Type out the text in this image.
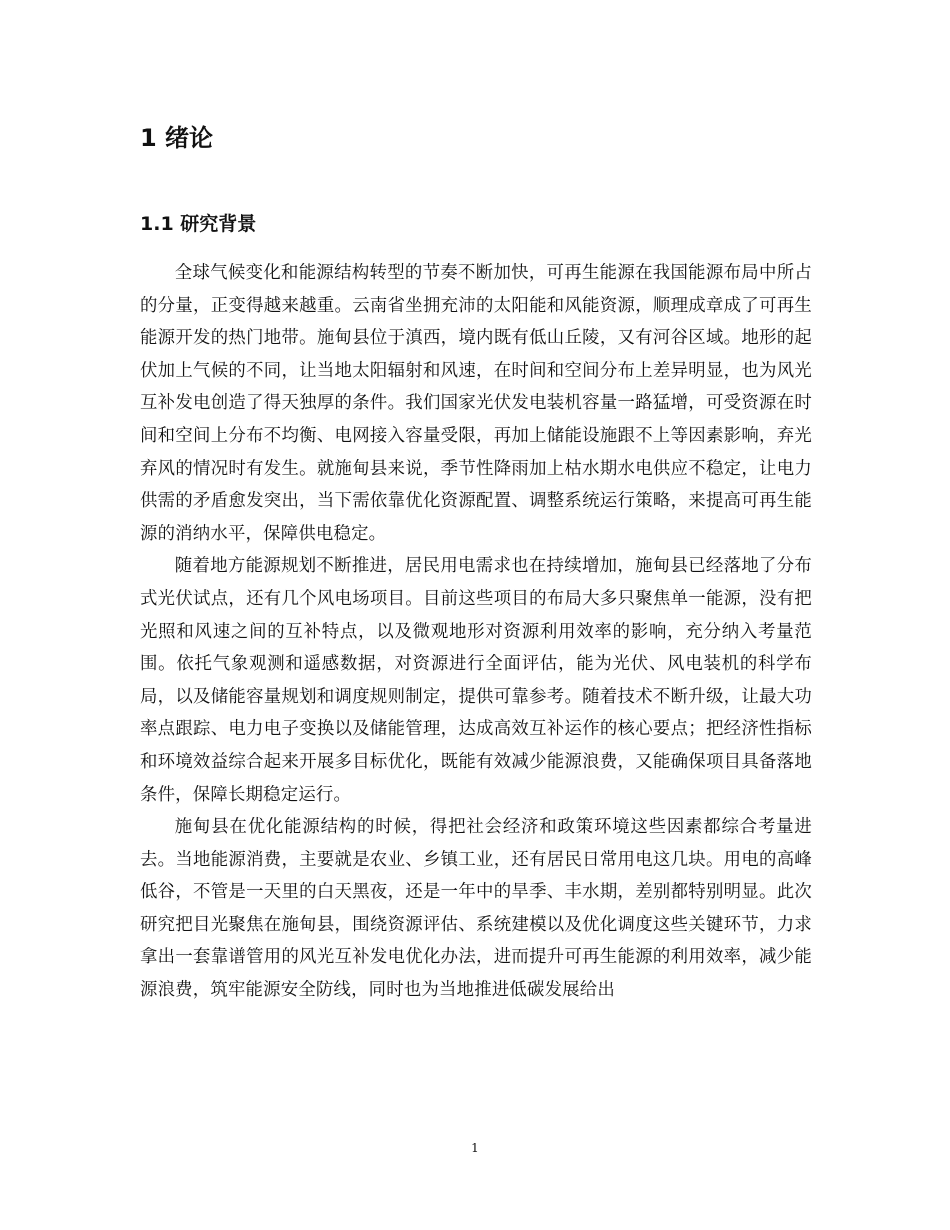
1 绪论
1.1 研究背景

全球气候变化和能源结构转型的节奏不断加快，可再生能源在我国能源布局中所占的分量，正变得越来越重。云南省坐拥充沛的太阳能和风能资源，顺理成章成了可再生能源开发的热门地带。施甸县位于滇西，境内既有低山丘陵，又有河谷区域。地形的起伏加上气候的不同，让当地太阳辐射和风速，在时间和空间分布上差异明显，也为风光互补发电创造了得天独厚的条件。我们国家光伏发电装机容量一路猛增，可受资源在时间和空间上分布不均衡、电网接入容量受限，再加上储能设施跟不上等因素影响，弃光弃风的情况时有发生。就施甸县来说，季节性降雨加上枯水期水电供应不稳定，让电力供需的矛盾愈发突出，当下需依靠优化资源配置、调整系统运行策略，来提高可再生能源的消纳水平，保障供电稳定。

随着地方能源规划不断推进，居民用电需求也在持续增加，施甸县已经落地了分布式光伏试点，还有几个风电场项目。目前这些项目的布局大多只聚焦单一能源，没有把光照和风速之间的互补特点，以及微观地形对资源利用效率的影响，充分纳入考量范围。依托气象观测和遥感数据，对资源进行全面评估，能为光伏、风电装机的科学布局，以及储能容量规划和调度规则制定，提供可靠参考。随着技术不断升级，让最大功率点跟踪、电力电子变换以及储能管理，达成高效互补运作的核心要点；把经济性指标和环境效益综合起来开展多目标优化，既能有效减少能源浪费，又能确保项目具备落地条件，保障长期稳定运行。

施甸县在优化能源结构的时候，得把社会经济和政策环境这些因素都综合考量进去。当地能源消费，主要就是农业、乡镇工业，还有居民日常用电这几块。用电的高峰低谷，不管是一天里的白天黑夜，还是一年中的旱季、丰水期，差别都特别明显。此次研究把目光聚焦在施甸县，围绕资源评估、系统建模以及优化调度这些关键环节，力求拿出一套靠谱管用的风光互补发电优化办法，进而提升可再生能源的利用效率，减少能源浪费，筑牢能源安全防线，同时也为当地推进低碳发展给出

1
